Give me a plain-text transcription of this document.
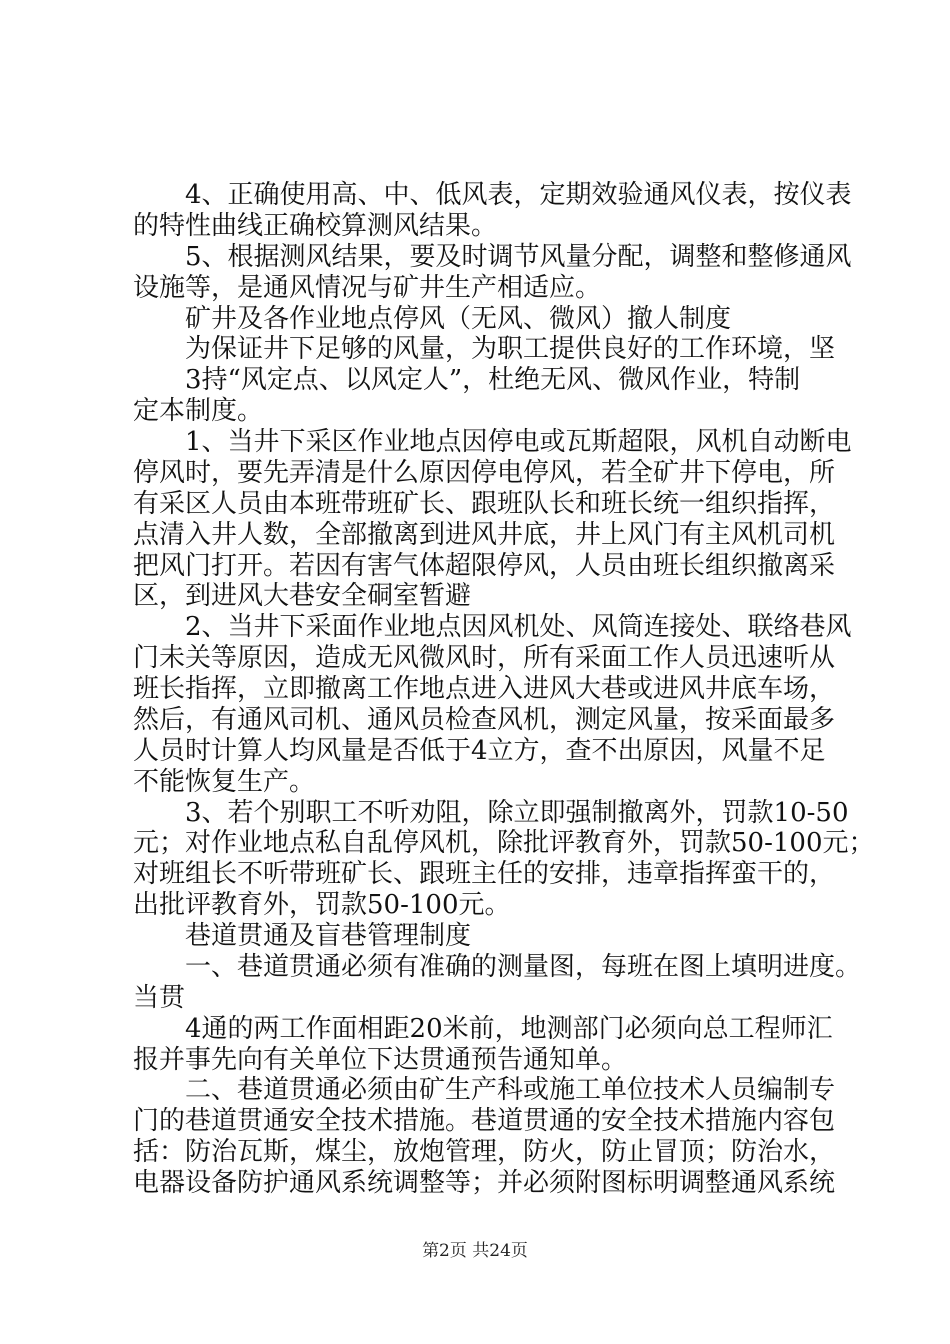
　　4、正确使用高、中、低风表，定期效验通风仪表，按仪表
的特性曲线正确校算测风结果。
　　5、根据测风结果，要及时调节风量分配，调整和整修通风
设施等，是通风情况与矿井生产相适应。
　　矿井及各作业地点停风（无风、微风）撤人制度
　　为保证井下足够的风量，为职工提供良好的工作环境，坚
　　3持“风定点、以风定人”，杜绝无风、微风作业，特制
定本制度。
　　1、当井下采区作业地点因停电或瓦斯超限，风机自动断电
停风时，要先弄清是什么原因停电停风，若全矿井下停电，所
有采区人员由本班带班矿长、跟班队长和班长统一组织指挥，
点清入井人数，全部撤离到进风井底，井上风门有主风机司机
把风门打开。若因有害气体超限停风，人员由班长组织撤离采
区，到进风大巷安全硐室暂避
　　2、当井下采面作业地点因风机处、风筒连接处、联络巷风
门未关等原因，造成无风微风时，所有采面工作人员迅速听从
班长指挥，立即撤离工作地点进入进风大巷或进风井底车场，
然后，有通风司机、通风员检查风机，测定风量，按采面最多
人员时计算人均风量是否低于4立方，查不出原因，风量不足
不能恢复生产。
　　3、若个别职工不听劝阻，除立即强制撤离外，罚款10-50
元；对作业地点私自乱停风机，除批评教育外，罚款50-100元；
对班组长不听带班矿长、跟班主任的安排，违章指挥蛮干的，
出批评教育外，罚款50-100元。
　　巷道贯通及盲巷管理制度
　　一、巷道贯通必须有准确的测量图，每班在图上填明进度。
当贯
　　4通的两工作面相距20米前，地测部门必须向总工程师汇
报并事先向有关单位下达贯通预告通知单。
　　二、巷道贯通必须由矿生产科或施工单位技术人员编制专
门的巷道贯通安全技术措施。巷道贯通的安全技术措施内容包
括：防治瓦斯，煤尘，放炮管理，防火，防止冒顶；防治水，
电器设备防护通风系统调整等；并必须附图标明调整通风系统
第2页 共24页
